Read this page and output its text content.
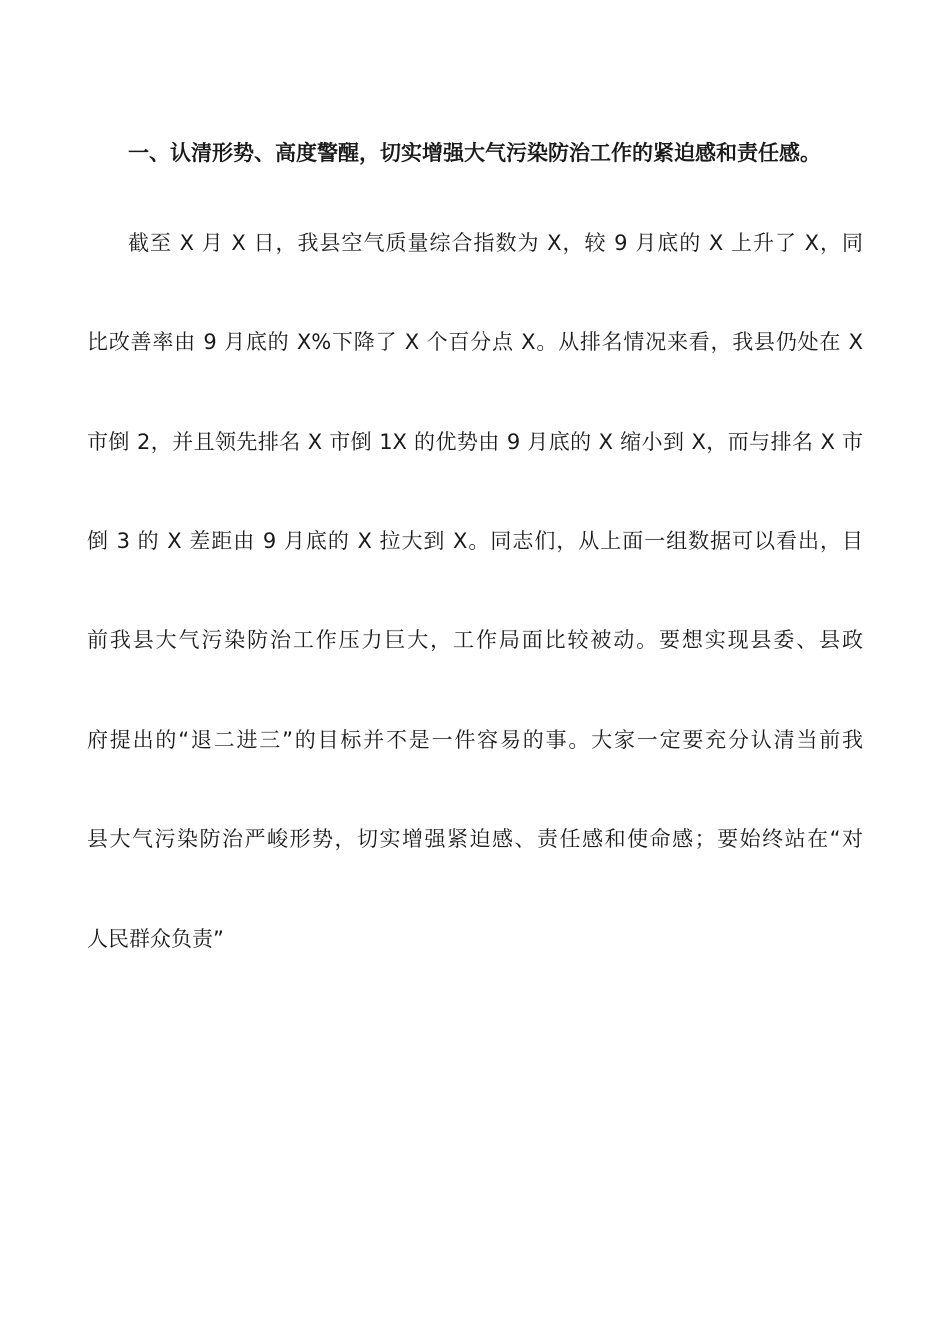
一、认清形势、高度警醒，切实增强大气污染防治工作的紧迫感和责任感。
截至 X 月 X 日，我县空气质量综合指数为 X，较 9 月底的 X 上升了 X，同
比改善率由 9 月底的 X%下降了 X 个百分点 X。从排名情况来看，我县仍处在 X
市倒 2，并且领先排名 X 市倒 1X 的优势由 9 月底的 X 缩小到 X，而与排名 X 市
倒 3 的 X 差距由 9 月底的 X 拉大到 X。同志们，从上面一组数据可以看出，目
前我县大气污染防治工作压力巨大，工作局面比较被动。要想实现县委、县政
府提出的“退二进三”的目标并不是一件容易的事。大家一定要充分认清当前我
县大气污染防治严峻形势，切实增强紧迫感、责任感和使命感；要始终站在“对
人民群众负责”
